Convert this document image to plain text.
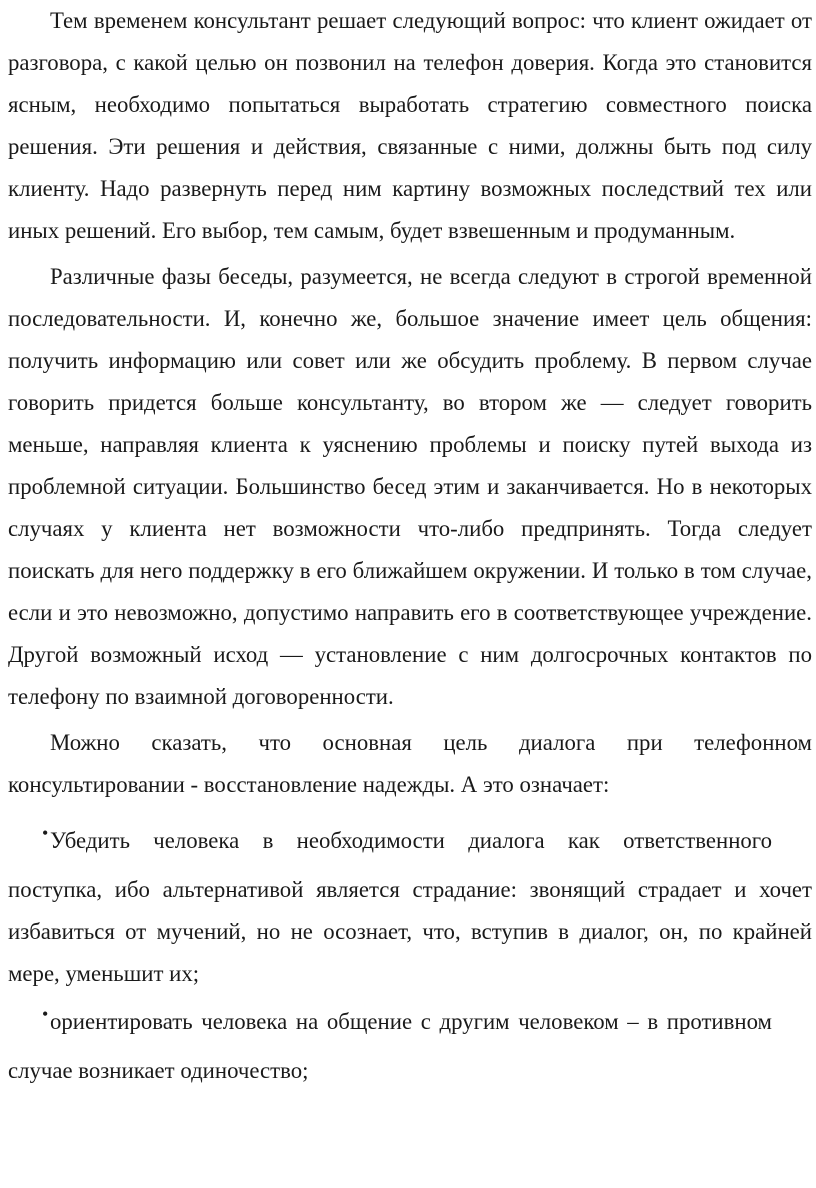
Тем временем консультант решает следующий вопрос: что клиент ожидает от разговора, с какой целью он позвонил на телефон доверия. Когда это становится ясным, необходимо попытаться выработать стратегию совместного поиска решения. Эти решения и действия, связанные с ними, должны быть под силу клиенту. Надо развернуть перед ним картину возможных последствий тех или иных решений. Его выбор, тем самым, будет взвешенным и продуманным.

Различные фазы беседы, разумеется, не всегда следуют в строгой временной последовательности. И, конечно же, большое значение имеет цель общения: получить информацию или совет или же обсудить проблему. В первом случае говорить придется больше консультанту, во втором же — следует говорить меньше, направляя клиента к уяснению проблемы и поиску путей выхода из проблемной ситуации. Большинство бесед этим и заканчивается. Но в некоторых случаях у клиента нет возможности что-либо предпринять. Тогда следует поискать для него поддержку в его ближайшем окружении. И только в том случае, если и это невозможно, допустимо направить его в соответствующее учреждение. Другой возможный исход — установление с ним долгосрочных контактов по телефону по взаимной договоренности.

Можно сказать, что основная цель диалога при телефонном консультировании - восстановление надежды. А это означает:

•Убедить человека в необходимости диалога как ответственного
поступка, ибо альтернативой является страдание: звонящий страдает и хочет избавиться от мучений, но не осознает, что, вступив в диалог, он, по крайней мере, уменьшит их;
•ориентировать человека на общение с другим человеком – в противном
случае возникает одиночество;
